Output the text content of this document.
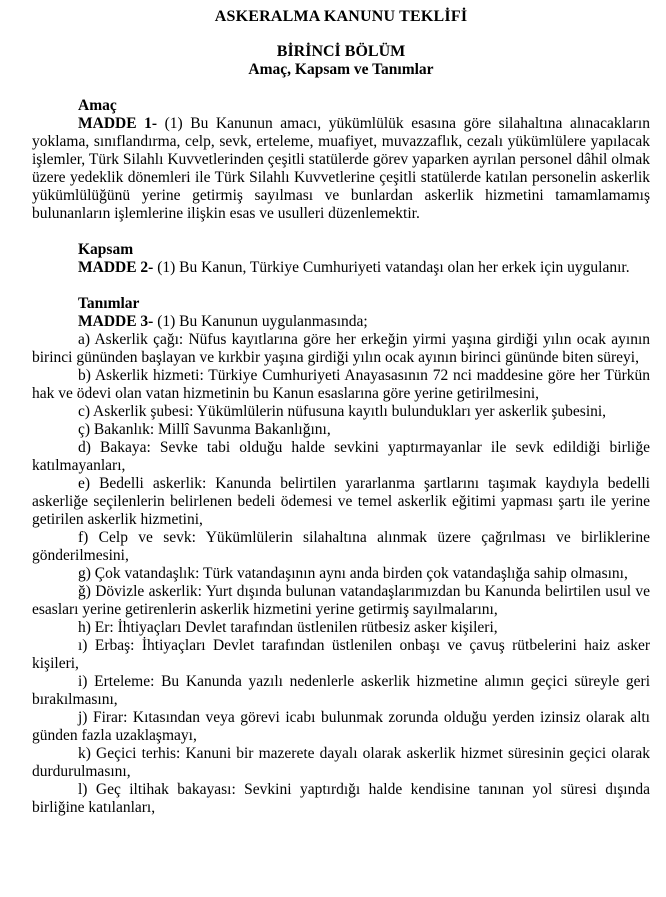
ASKERALMA KANUNU TEKLİFİ
BİRİNCİ BÖLÜM
Amaç, Kapsam ve Tanımlar

Amaç

MADDE 1- (1) Bu Kanunun amacı, yükümlülük esasına göre silahaltına alınacakların yoklama, sınıflandırma, celp, sevk, erteleme, muafiyet, muvazzaflık, cezalı yükümlülere yapılacak işlemler, Türk Silahlı Kuvvetlerinden çeşitli statülerde görev yaparken ayrılan personel dâhil olmak üzere yedeklik dönemleri ile Türk Silahlı Kuvvetlerine çeşitli statülerde katılan personelin askerlik yükümlülüğünü yerine getirmiş sayılması ve bunlardan askerlik hizmetini tamamlamamış bulunanların işlemlerine ilişkin esas ve usulleri düzenlemektir.

Kapsam

MADDE 2- (1) Bu Kanun, Türkiye Cumhuriyeti vatandaşı olan her erkek için uygulanır.

Tanımlar

MADDE 3- (1) Bu Kanunun uygulanmasında;

a) Askerlik çağı: Nüfus kayıtlarına göre her erkeğin yirmi yaşına girdiği yılın ocak ayının birinci gününden başlayan ve kırkbir yaşına girdiği yılın ocak ayının birinci gününde biten süreyi,

b) Askerlik hizmeti: Türkiye Cumhuriyeti Anayasasının 72 nci maddesine göre her Türkün hak ve ödevi olan vatan hizmetinin bu Kanun esaslarına göre yerine getirilmesini,

c) Askerlik şubesi: Yükümlülerin nüfusuna kayıtlı bulundukları yer askerlik şubesini,

ç) Bakanlık: Millî Savunma Bakanlığını,

d) Bakaya: Sevke tabi olduğu halde sevkini yaptırmayanlar ile sevk edildiği birliğe katılmayanları,

e) Bedelli askerlik: Kanunda belirtilen yararlanma şartlarını taşımak kaydıyla bedelli askerliğe seçilenlerin belirlenen bedeli ödemesi ve temel askerlik eğitimi yapması şartı ile yerine getirilen askerlik hizmetini,

f) Celp ve sevk: Yükümlülerin silahaltına alınmak üzere çağrılması ve birliklerine gönderilmesini,

g) Çok vatandaşlık: Türk vatandaşının aynı anda birden çok vatandaşlığa sahip olmasını,

ğ) Dövizle askerlik: Yurt dışında bulunan vatandaşlarımızdan bu Kanunda belirtilen usul ve esasları yerine getirenlerin askerlik hizmetini yerine getirmiş sayılmalarını,

h) Er: İhtiyaçları Devlet tarafından üstlenilen rütbesiz asker kişileri,

ı) Erbaş: İhtiyaçları Devlet tarafından üstlenilen onbaşı ve çavuş rütbelerini haiz asker kişileri,

i) Erteleme: Bu Kanunda yazılı nedenlerle askerlik hizmetine alımın geçici süreyle geri bırakılmasını,

j) Firar: Kıtasından veya görevi icabı bulunmak zorunda olduğu yerden izinsiz olarak altı günden fazla uzaklaşmayı,

k) Geçici terhis: Kanuni bir mazerete dayalı olarak askerlik hizmet süresinin geçici olarak durdurulmasını,

l) Geç iltihak bakayası: Sevkini yaptırdığı halde kendisine tanınan yol süresi dışında birliğine katılanları,
